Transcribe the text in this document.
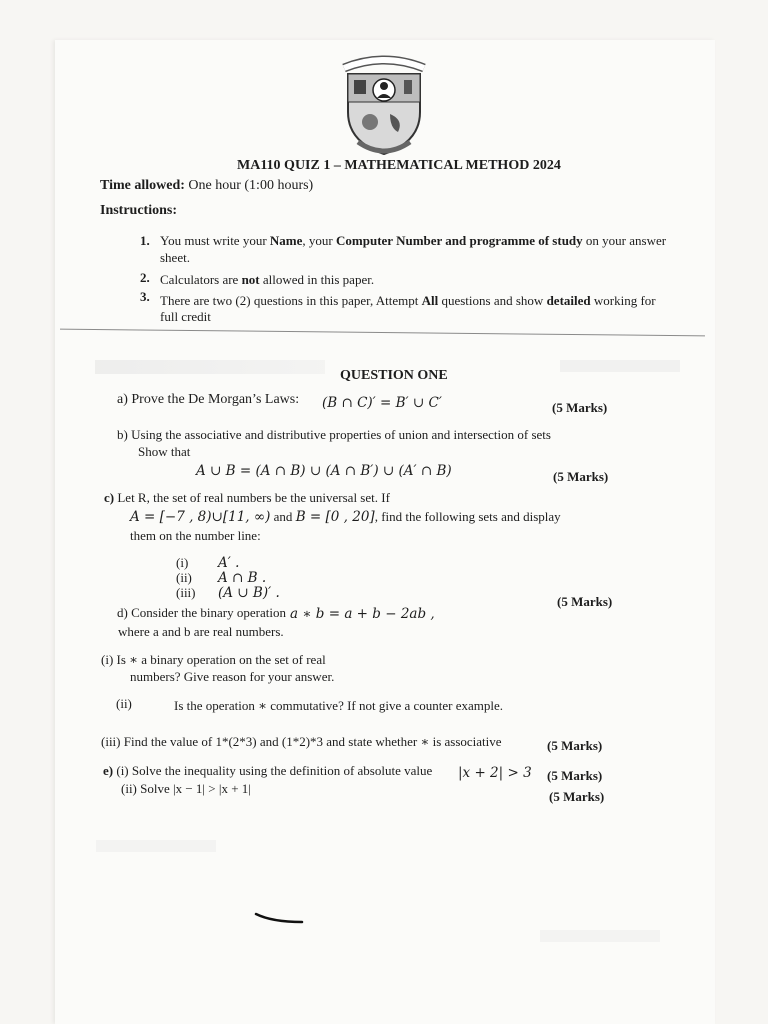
MA110 QUIZ 1 – MATHEMATICAL METHOD 2024
Time allowed: One hour (1:00 hours)
Instructions:
1. You must write your Name, your Computer Number and programme of study on your answer
sheet.
2. Calculators are not allowed in this paper.
3. There are two (2) questions in this paper, Attempt All questions and show detailed working for
full credit
QUESTION ONE
a) Prove the De Morgan’s Laws: (B ∩ C)′ = B′ ∪ C′	(5 Marks)
b) Using the associative and distributive properties of union and intersection of sets
Show that
A ∪ B = (A ∩ B) ∪ (A ∩ B′) ∪ (A′ ∩ B)	(5 Marks)
c) Let R, the set of real numbers be the universal set. If
A = [−7 , 8)∪[11, ∞) and B = [0 , 20], find the following sets and display
them on the number line:
(i) A′ .
(ii) A ∩ B .
(iii) (A ∪ B)′ .
(5 Marks)
d) Consider the binary operation a ∗ b = a + b − 2ab ,
where a and b are real numbers.
(i) Is ∗ a binary operation on the set of real
numbers? Give reason for your answer.
(ii)	Is the operation ∗ commutative? If not give a counter example.
(iii) Find the value of 1*(2*3) and (1*2)*3 and state whether ∗ is associative	(5 Marks)
e) (i) Solve the inequality using the definition of absolute value |x + 2| > 3 (5 Marks)
(ii) Solve |x − 1| > |x + 1|
(5 Marks)
